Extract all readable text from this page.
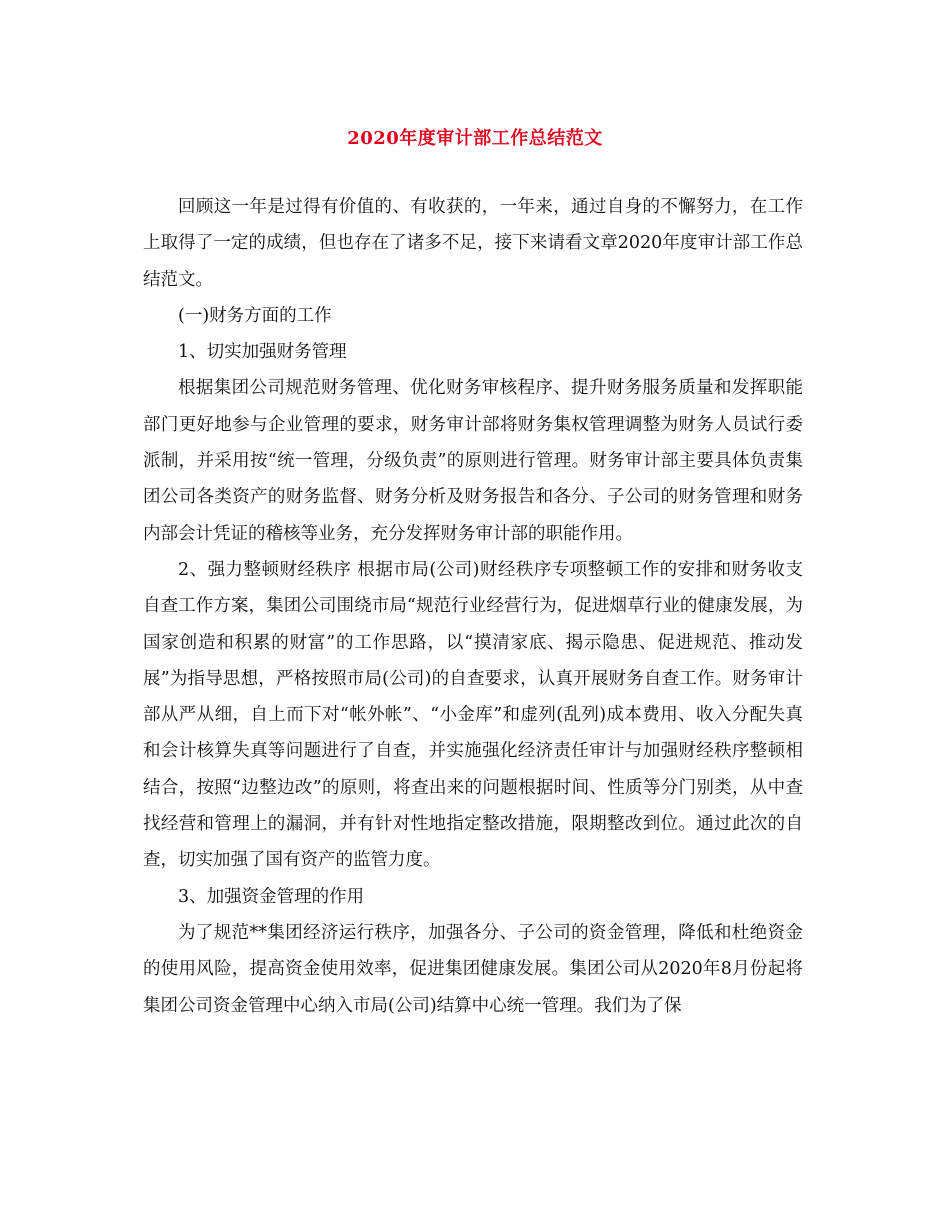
2020年度审计部工作总结范文

回顾这一年是过得有价值的、有收获的，一年来，通过自身的不懈努力，在工作上取得了一定的成绩，但也存在了诸多不足，接下来请看文章2020年度审计部工作总结范文。

(一)财务方面的工作

1、切实加强财务管理

根据集团公司规范财务管理、优化财务审核程序、提升财务服务质量和发挥职能部门更好地参与企业管理的要求，财务审计部将财务集权管理调整为财务人员试行委派制，并采用按“统一管理，分级负责”的原则进行管理。财务审计部主要具体负责集团公司各类资产的财务监督、财务分析及财务报告和各分、子公司的财务管理和财务内部会计凭证的稽核等业务，充分发挥财务审计部的职能作用。

2、强力整顿财经秩序 根据市局(公司)财经秩序专项整顿工作的安排和财务收支自查工作方案，集团公司围绕市局“规范行业经营行为，促进烟草行业的健康发展，为国家创造和积累的财富”的工作思路，以“摸清家底、揭示隐患、促进规范、推动发展”为指导思想，严格按照市局(公司)的自查要求，认真开展财务自查工作。财务审计部从严从细，自上而下对“帐外帐”、“小金库”和虚列(乱列)成本费用、收入分配失真和会计核算失真等问题进行了自查，并实施强化经济责任审计与加强财经秩序整顿相结合，按照“边整边改”的原则，将查出来的问题根据时间、性质等分门别类，从中查找经营和管理上的漏洞，并有针对性地指定整改措施，限期整改到位。通过此次的自查，切实加强了国有资产的监管力度。

3、加强资金管理的作用

为了规范**集团经济运行秩序，加强各分、子公司的资金管理，降低和杜绝资金的使用风险，提高资金使用效率，促进集团健康发展。集团公司从2020年8月份起将集团公司资金管理中心纳入市局(公司)结算中心统一管理。我们为了保
